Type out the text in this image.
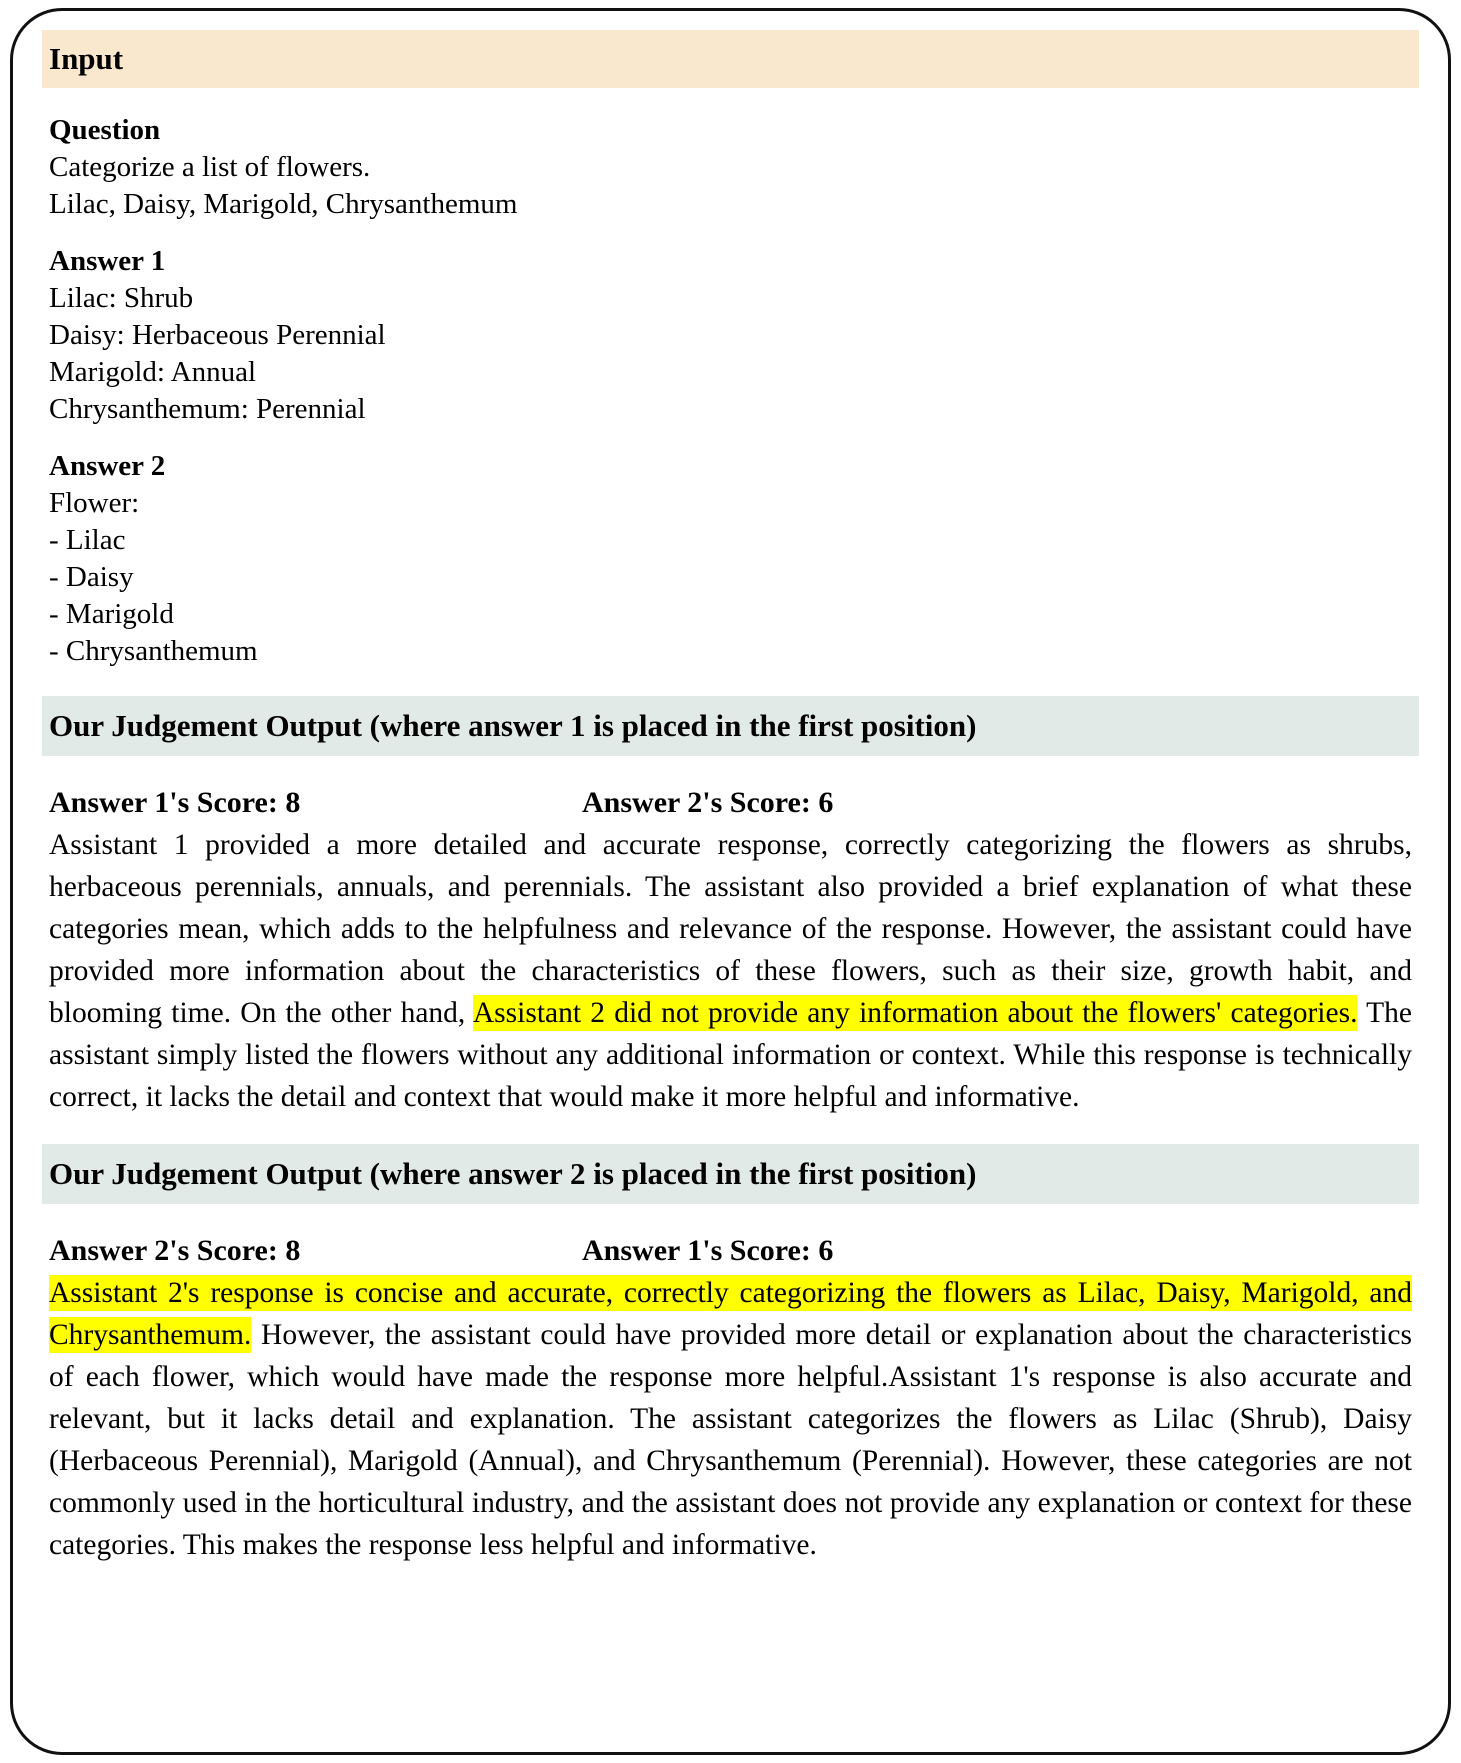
Input
Question
Categorize a list of flowers.
Lilac, Daisy, Marigold, Chrysanthemum
Answer 1
Lilac: Shrub
Daisy: Herbaceous Perennial
Marigold: Annual
Chrysanthemum: Perennial
Answer 2
Flower:
- Lilac
- Daisy
- Marigold
- Chrysanthemum
Our Judgement Output (where answer 1 is placed in the first position)
Answer 1's Score: 8	Answer 2's Score: 6

Assistant 1 provided a more detailed and accurate response, correctly categorizing the flowers as shrubs, herbaceous perennials, annuals, and perennials. The assistant also provided a brief explanation of what these categories mean, which adds to the helpfulness and relevance of the response. However, the assistant could have provided more information about the characteristics of these flowers, such as their size, growth habit, and blooming time. On the other hand, Assistant 2 did not provide any information about the flowers' categories. The assistant simply listed the flowers without any additional information or context. While this response is technically correct, it lacks the detail and context that would make it more helpful and informative.

Our Judgement Output (where answer 2 is placed in the first position)
Answer 2's Score: 8	Answer 1's Score: 6

Assistant 2's response is concise and accurate, correctly categorizing the flowers as Lilac, Daisy, Marigold, and Chrysanthemum. However, the assistant could have provided more detail or explanation about the characteristics of each flower, which would have made the response more helpful.Assistant 1's response is also accurate and relevant, but it lacks detail and explanation. The assistant categorizes the flowers as Lilac (Shrub), Daisy (Herbaceous Perennial), Marigold (Annual), and Chrysanthemum (Perennial). However, these categories are not commonly used in the horticultural industry, and the assistant does not provide any explanation or context for these categories. This makes the response less helpful and informative.
